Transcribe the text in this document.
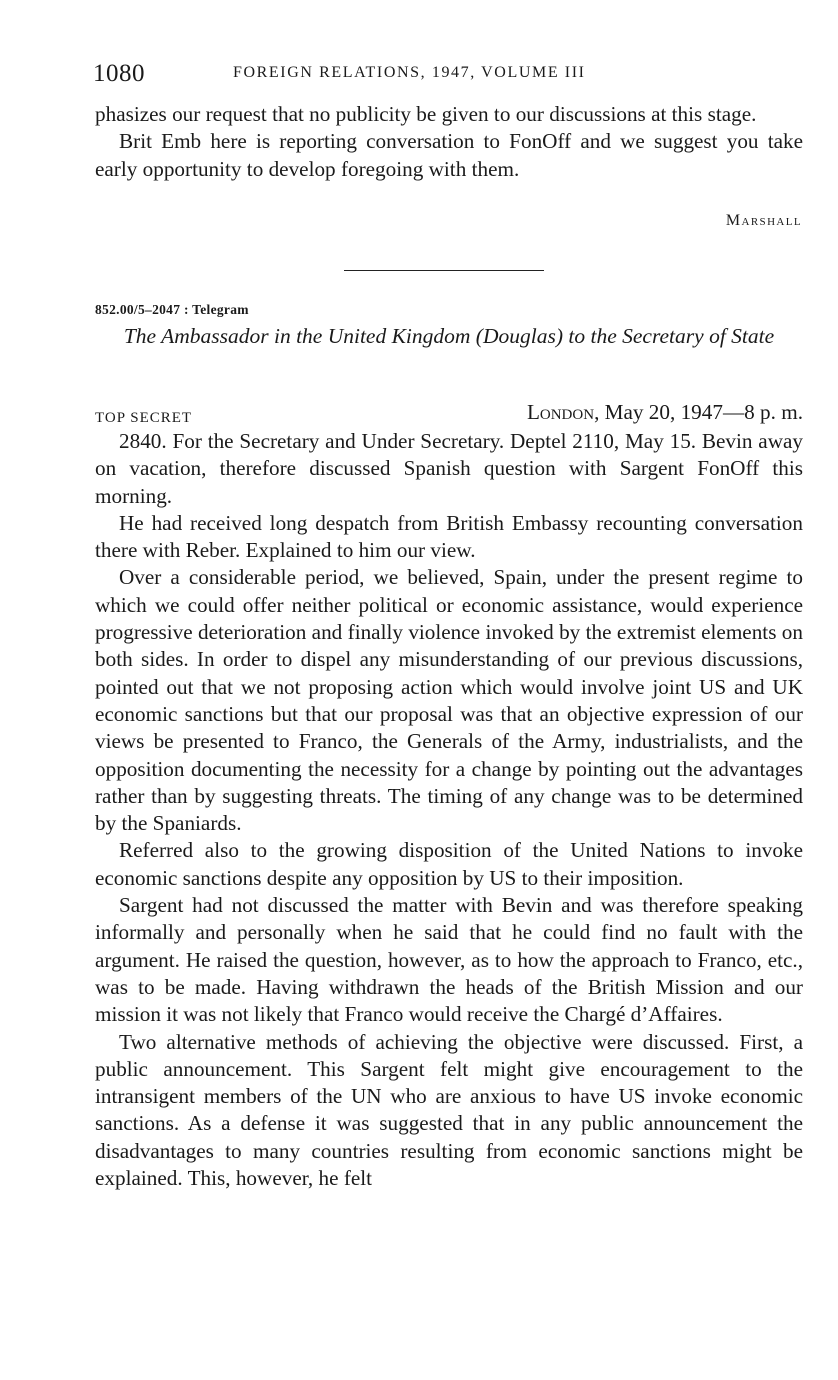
1080	FOREIGN RELATIONS, 1947, VOLUME III

phasizes our request that no publicity be given to our discussions at this stage.

Brit Emb here is reporting conversation to FonOff and we suggest you take early opportunity to develop foregoing with them.

Marshall
852.00/5–2047 : Telegram
The Ambassador in the United Kingdom (Douglas) to the Secretary of State
TOP SECRET	London, May 20, 1947—8 p. m.

2840. For the Secretary and Under Secretary. Deptel 2110, May 15. Bevin away on vacation, therefore discussed Spanish question with Sargent FonOff this morning.

He had received long despatch from British Embassy recounting conversation there with Reber. Explained to him our view.

Over a considerable period, we believed, Spain, under the present regime to which we could offer neither political or economic assistance, would experience progressive deterioration and finally violence invoked by the extremist elements on both sides. In order to dispel any misunderstanding of our previous discussions, pointed out that we not proposing action which would involve joint US and UK economic sanctions but that our proposal was that an objective expression of our views be presented to Franco, the Generals of the Army, industrialists, and the opposition documenting the necessity for a change by pointing out the advantages rather than by suggesting threats. The timing of any change was to be determined by the Spaniards.

Referred also to the growing disposition of the United Nations to invoke economic sanctions despite any opposition by US to their imposition.

Sargent had not discussed the matter with Bevin and was therefore speaking informally and personally when he said that he could find no fault with the argument. He raised the question, however, as to how the approach to Franco, etc., was to be made. Having withdrawn the heads of the British Mission and our mission it was not likely that Franco would receive the Chargé d’Affaires.

Two alternative methods of achieving the objective were discussed. First, a public announcement. This Sargent felt might give encouragement to the intransigent members of the UN who are anxious to have US invoke economic sanctions. As a defense it was suggested that in any public announcement the disadvantages to many countries resulting from economic sanctions might be explained. This, however, he felt
